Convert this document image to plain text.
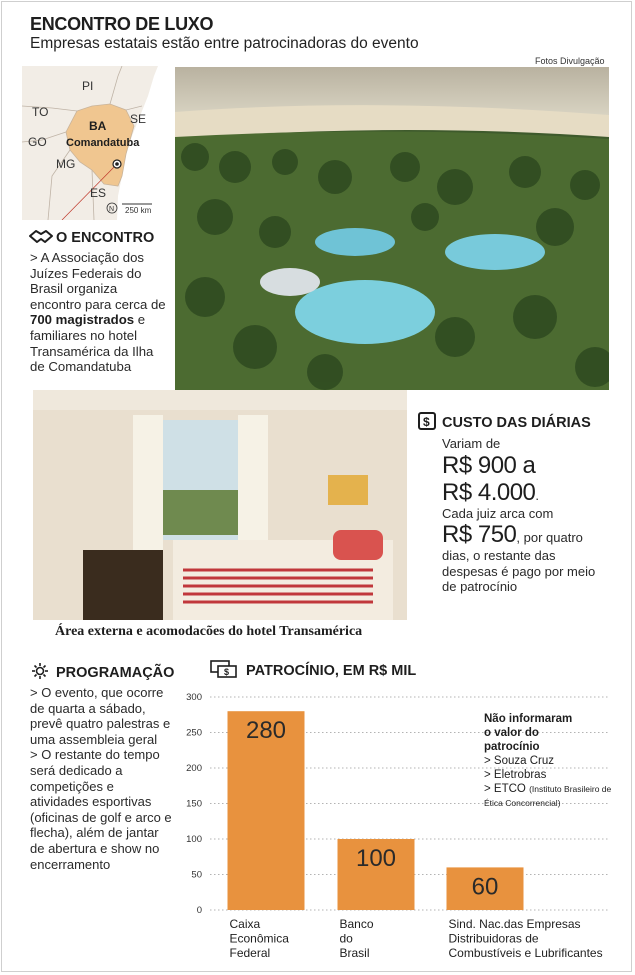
ENCONTRO DE LUXO
Empresas estatais estão entre patrocinadoras do evento
Fotos Divulgação
PI
TO
BA SE
GO Comandatuba
MG
ES
N 250 km
O ENCONTRO
> A Associação dos Juízes Federais do Brasil organiza encontro para cerca de 700 magistrados e familiares no hotel Transamérica da Ilha de Comandatuba
$ CUSTO DAS DIÁRIAS
Variam de
R$ 900 a
R$ 4.000.
Cada juiz arca com
R$ 750, por quatro dias, o restante das despesas é pago por meio de patrocínio
Área externa e acomodacões do hotel Transamérica
PROGRAMAÇÃO
> O evento, que ocorre de quarta a sábado, prevê quatro palestras e uma assembleia geral
> O restante do tempo será dedicado a competições e atividades esportivas (oficinas de golf e arco e flecha), além de jantar de abertura e show no encerramento
$ PATROCÍNIO, EM R$ MIL
0
50
100
150
200
250
300
280
Caixa
Econômica
Federal
100
Banco
do
Brasil
60
Sind. Nac.das Empresas
Distribuidoras de
Combustíveis e Lubrificantes
Não informaram
o valor do
patrocínio
> Souza Cruz
> Eletrobras
> ETCO (Instituto Brasileiro de Ética Concorrencial)
